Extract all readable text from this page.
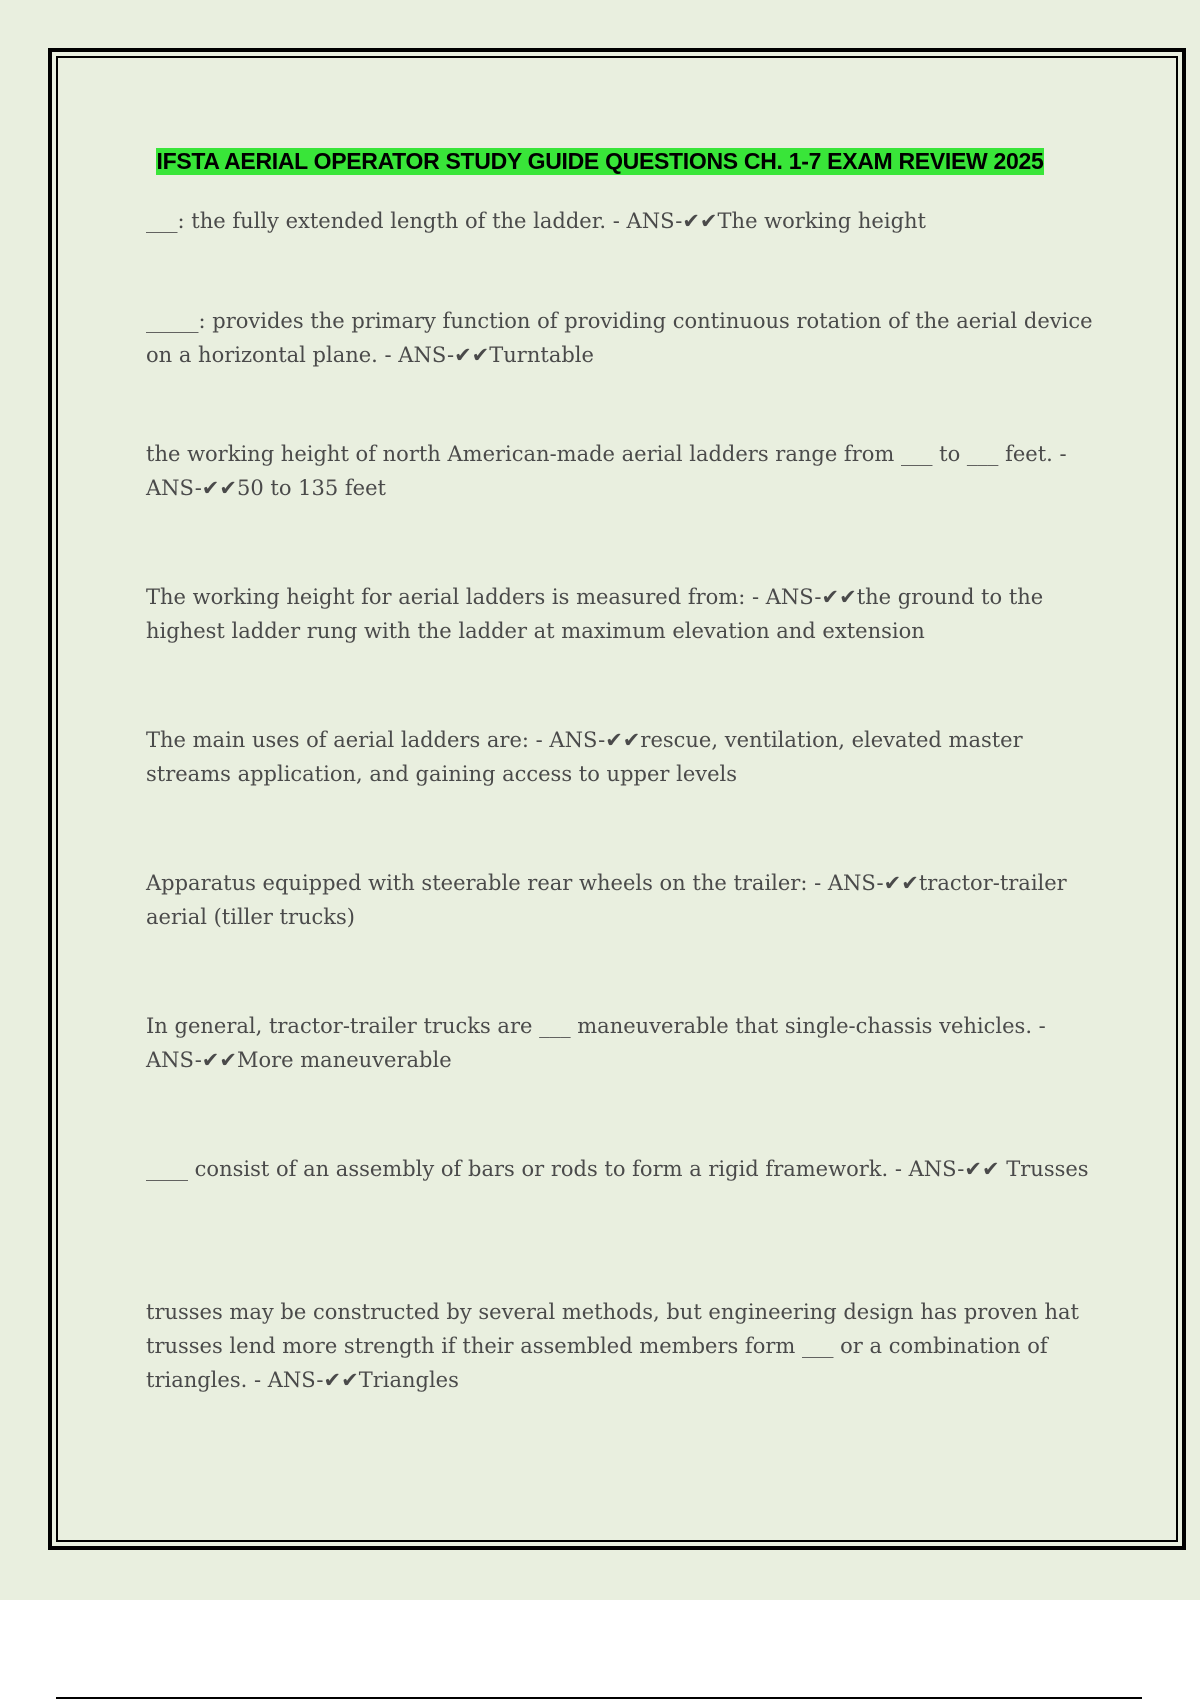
IFSTA AERIAL OPERATOR STUDY GUIDE QUESTIONS CH. 1-7 EXAM REVIEW 2025

___: the fully extended length of the ladder. - ANS-✔✔The working height

_____: provides the primary function of providing continuous rotation of the aerial device on a horizontal plane. - ANS-✔✔Turntable

the working height of north American-made aerial ladders range from ___ to ___ feet. - ANS-✔✔50 to 135 feet

The working height for aerial ladders is measured from: - ANS-✔✔the ground to the highest ladder rung with the ladder at maximum elevation and extension

The main uses of aerial ladders are: - ANS-✔✔rescue, ventilation, elevated master streams application, and gaining access to upper levels

Apparatus equipped with steerable rear wheels on the trailer: - ANS-✔✔tractor-trailer aerial (tiller trucks)

In general, tractor-trailer trucks are ___ maneuverable that single-chassis vehicles. - ANS-✔✔More maneuverable

____ consist of an assembly of bars or rods to form a rigid framework. - ANS-✔✔ Trusses

trusses may be constructed by several methods, but engineering design has proven hat trusses lend more strength if their assembled members form ___ or a combination of triangles. - ANS-✔✔Triangles
